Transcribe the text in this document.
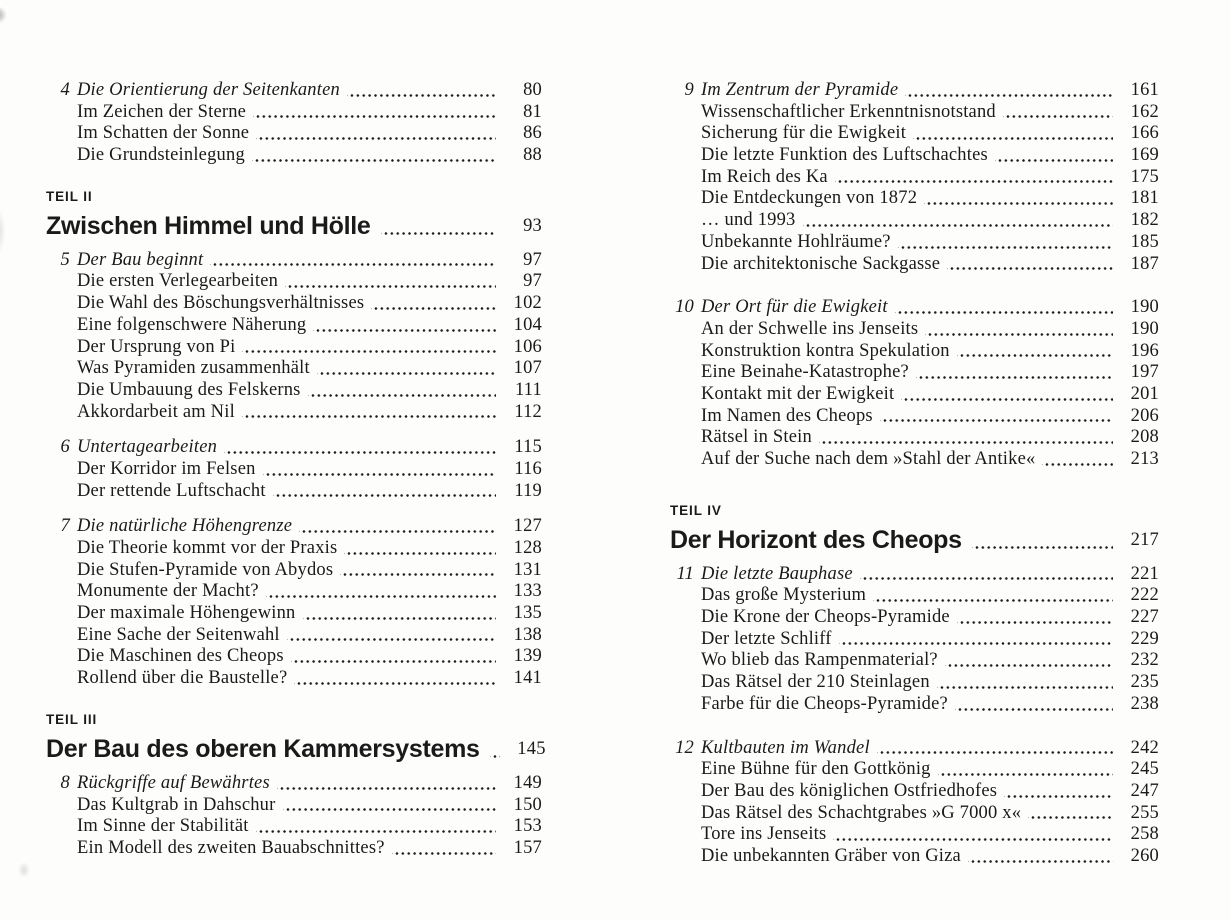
4 Die Orientierung der Seitenkanten	80
Im Zeichen der Sterne	81
Im Schatten der Sonne	86
Die Grundsteinlegung	88
TEIL II
Zwischen Himmel und Hölle	93
5 Der Bau beginnt	97
Die ersten Verlegearbeiten	97
Die Wahl des Böschungsverhältnisses	102
Eine folgenschwere Näherung	104
Der Ursprung von Pi	106
Was Pyramiden zusammenhält	107
Die Umbauung des Felskerns	111
Akkordarbeit am Nil	112
6 Untertagearbeiten	115
Der Korridor im Felsen	116
Der rettende Luftschacht	119
7 Die natürliche Höhengrenze	127
Die Theorie kommt vor der Praxis	128
Die Stufen-Pyramide von Abydos	131
Monumente der Macht?	133
Der maximale Höhengewinn	135
Eine Sache der Seitenwahl	138
Die Maschinen des Cheops	139
Rollend über die Baustelle?	141
TEIL III
Der Bau des oberen Kammersystems	145
8 Rückgriffe auf Bewährtes	149
Das Kultgrab in Dahschur	150
Im Sinne der Stabilität	153
Ein Modell des zweiten Bauabschnittes?	157
9 Im Zentrum der Pyramide	161
Wissenschaftlicher Erkenntnisnotstand	162
Sicherung für die Ewigkeit	166
Die letzte Funktion des Luftschachtes	169
Im Reich des Ka	175
Die Entdeckungen von 1872	181
… und 1993	182
Unbekannte Hohlräume?	185
Die architektonische Sackgasse	187
10 Der Ort für die Ewigkeit	190
An der Schwelle ins Jenseits	190
Konstruktion kontra Spekulation	196
Eine Beinahe-Katastrophe?	197
Kontakt mit der Ewigkeit	201
Im Namen des Cheops	206
Rätsel in Stein	208
Auf der Suche nach dem »Stahl der Antike«	213
TEIL IV
Der Horizont des Cheops	217
11 Die letzte Bauphase	221
Das große Mysterium	222
Die Krone der Cheops-Pyramide	227
Der letzte Schliff	229
Wo blieb das Rampenmaterial?	232
Das Rätsel der 210 Steinlagen	235
Farbe für die Cheops-Pyramide?	238
12 Kultbauten im Wandel	242
Eine Bühne für den Gottkönig	245
Der Bau des königlichen Ostfriedhofes	247
Das Rätsel des Schachtgrabes »G 7000 x«	255
Tore ins Jenseits	258
Die unbekannten Gräber von Giza	260
